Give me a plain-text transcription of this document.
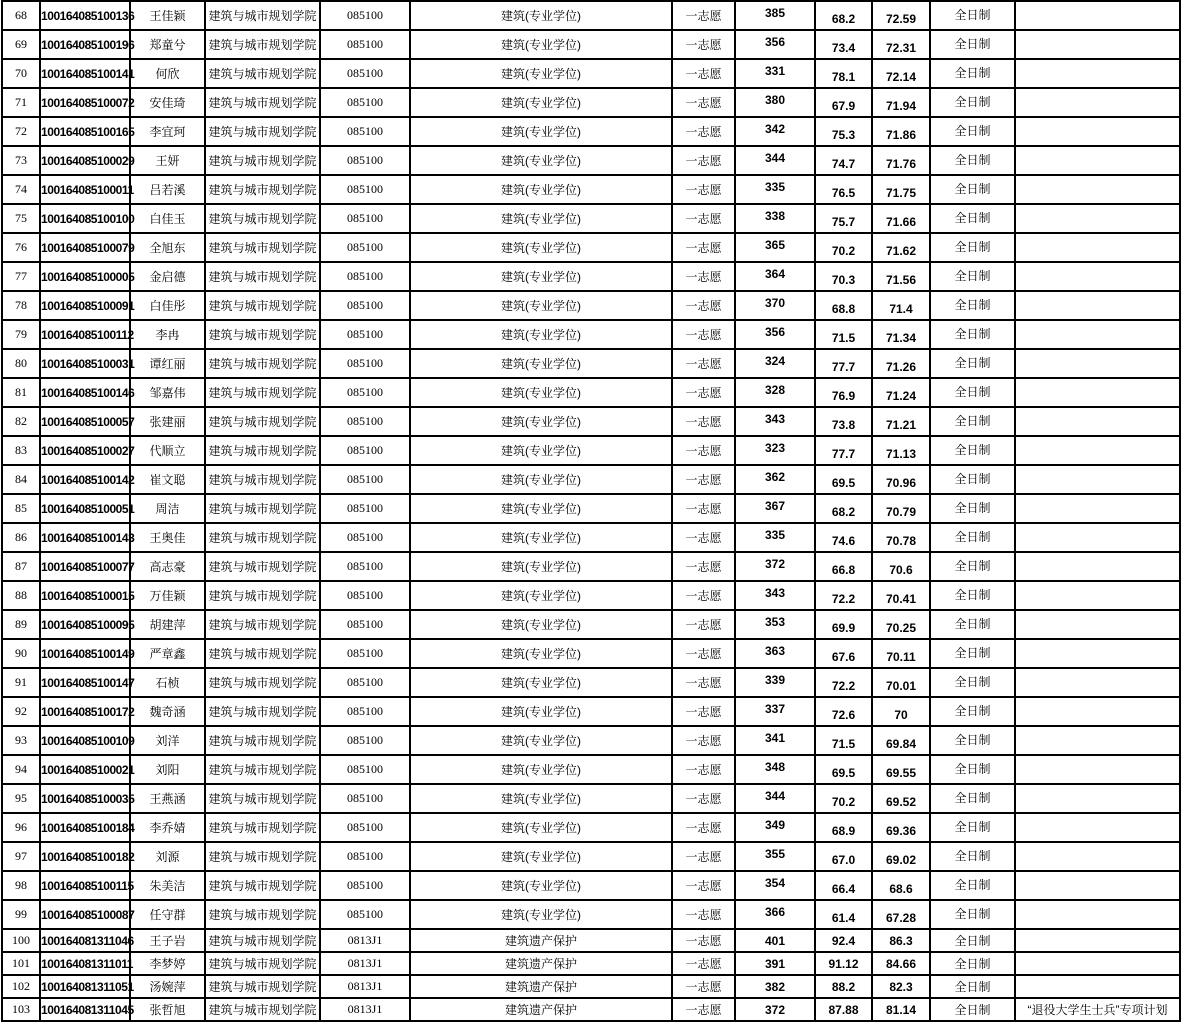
68	100164085100136	王佳颖	建筑与城市规划学院	085100	建筑(专业学位)	一志愿	385	68.2	72.59	全日制	
69	100164085100196	郑童兮	建筑与城市规划学院	085100	建筑(专业学位)	一志愿	356	73.4	72.31	全日制	
70	100164085100141	何欣	建筑与城市规划学院	085100	建筑(专业学位)	一志愿	331	78.1	72.14	全日制	
71	100164085100072	安佳琦	建筑与城市规划学院	085100	建筑(专业学位)	一志愿	380	67.9	71.94	全日制	
72	100164085100165	李宜珂	建筑与城市规划学院	085100	建筑(专业学位)	一志愿	342	75.3	71.86	全日制	
73	100164085100029	王妍	建筑与城市规划学院	085100	建筑(专业学位)	一志愿	344	74.7	71.76	全日制	
74	100164085100011	吕若溪	建筑与城市规划学院	085100	建筑(专业学位)	一志愿	335	76.5	71.75	全日制	
75	100164085100100	白佳玉	建筑与城市规划学院	085100	建筑(专业学位)	一志愿	338	75.7	71.66	全日制	
76	100164085100079	全旭东	建筑与城市规划学院	085100	建筑(专业学位)	一志愿	365	70.2	71.62	全日制	
77	100164085100005	金启德	建筑与城市规划学院	085100	建筑(专业学位)	一志愿	364	70.3	71.56	全日制	
78	100164085100091	白佳彤	建筑与城市规划学院	085100	建筑(专业学位)	一志愿	370	68.8	71.4	全日制	
79	100164085100112	李冉	建筑与城市规划学院	085100	建筑(专业学位)	一志愿	356	71.5	71.34	全日制	
80	100164085100031	谭红丽	建筑与城市规划学院	085100	建筑(专业学位)	一志愿	324	77.7	71.26	全日制	
81	100164085100146	邹嘉伟	建筑与城市规划学院	085100	建筑(专业学位)	一志愿	328	76.9	71.24	全日制	
82	100164085100057	张建丽	建筑与城市规划学院	085100	建筑(专业学位)	一志愿	343	73.8	71.21	全日制	
83	100164085100027	代顺立	建筑与城市规划学院	085100	建筑(专业学位)	一志愿	323	77.7	71.13	全日制	
84	100164085100142	崔文聪	建筑与城市规划学院	085100	建筑(专业学位)	一志愿	362	69.5	70.96	全日制	
85	100164085100051	周洁	建筑与城市规划学院	085100	建筑(专业学位)	一志愿	367	68.2	70.79	全日制	
86	100164085100143	王奥佳	建筑与城市规划学院	085100	建筑(专业学位)	一志愿	335	74.6	70.78	全日制	
87	100164085100077	高志豪	建筑与城市规划学院	085100	建筑(专业学位)	一志愿	372	66.8	70.6	全日制	
88	100164085100015	万佳颖	建筑与城市规划学院	085100	建筑(专业学位)	一志愿	343	72.2	70.41	全日制	
89	100164085100095	胡建萍	建筑与城市规划学院	085100	建筑(专业学位)	一志愿	353	69.9	70.25	全日制	
90	100164085100149	严章鑫	建筑与城市规划学院	085100	建筑(专业学位)	一志愿	363	67.6	70.11	全日制	
91	100164085100147	石桢	建筑与城市规划学院	085100	建筑(专业学位)	一志愿	339	72.2	70.01	全日制	
92	100164085100172	魏奇涵	建筑与城市规划学院	085100	建筑(专业学位)	一志愿	337	72.6	70	全日制	
93	100164085100109	刘洋	建筑与城市规划学院	085100	建筑(专业学位)	一志愿	341	71.5	69.84	全日制	
94	100164085100021	刘阳	建筑与城市规划学院	085100	建筑(专业学位)	一志愿	348	69.5	69.55	全日制	
95	100164085100035	王燕涵	建筑与城市规划学院	085100	建筑(专业学位)	一志愿	344	70.2	69.52	全日制	
96	100164085100184	李乔婧	建筑与城市规划学院	085100	建筑(专业学位)	一志愿	349	68.9	69.36	全日制	
97	100164085100182	刘源	建筑与城市规划学院	085100	建筑(专业学位)	一志愿	355	67.0	69.02	全日制	
98	100164085100115	朱美洁	建筑与城市规划学院	085100	建筑(专业学位)	一志愿	354	66.4	68.6	全日制	
99	100164085100087	任守群	建筑与城市规划学院	085100	建筑(专业学位)	一志愿	366	61.4	67.28	全日制	
100	100164081311046	王子岩	建筑与城市规划学院	0813J1	建筑遗产保护	一志愿	401	92.4	86.3	全日制	
101	100164081311011	李梦婷	建筑与城市规划学院	0813J1	建筑遗产保护	一志愿	391	91.12	84.66	全日制	
102	100164081311051	汤婉萍	建筑与城市规划学院	0813J1	建筑遗产保护	一志愿	382	88.2	82.3	全日制	
103	100164081311045	张哲旭	建筑与城市规划学院	0813J1	建筑遗产保护	一志愿	372	87.88	81.14	全日制	“退役大学生士兵”专项计划
